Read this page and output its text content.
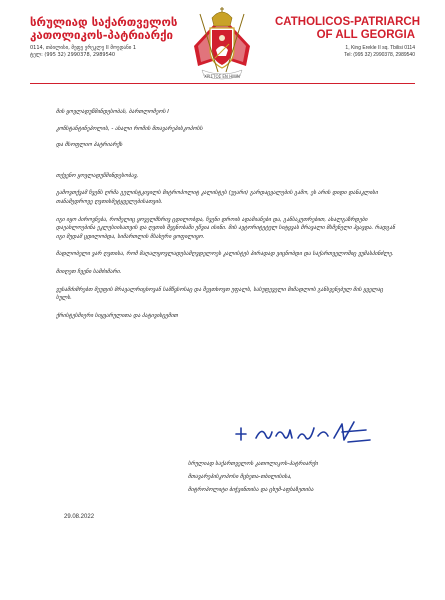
სრულიად საქართველოს
კათოლიკოს-პატრიარქი
0114, თბილისი, მეფე ერეკლე II მოედანი 1
ტელ: (995 32) 2990378, 2989540
ΧΡΙΣΤΟΣ ΕΝ ΗΜΙΝ
CATHOLICOS-PATRIARCH
OF ALL GEORGIA
1, King Erekle II sq. Tbilisi 0114
Tel: (995 32) 2990378, 2989540
მის ყოვლადუწმინდესობას, ბართლომეოს I
კონსტანტინეპოლის, - ახალი რომის მთავარეპისკოპოსს
და მსოფლიო პატრიარქს
თქვენო ყოვლადუწმინდესობავ,
გამოვთქვამ ჩვენს ღრმა გულისტკივილს მიტროპოლიტ კალისტეს (უეარი) გარდაცვალების გამო, ეს არის დიდი დანაკლისი თანამედროვე ღვთისმეტყველებისათვის.
იგი იყო პიროვნება, რომელიც ყოველმხრივ ცდილობდა, ჩვენი დროის ადამიანები და, განსაკუთრებით, ახალგაზრდები დაეახლოებინა ეკლესიისათვის და ღვთის შეცნობაში ეწვია ისინი. მის ავტორიტეტულ სიტყვას მრავალი მსმენელი ჰყავდა. რადგან იგი მუდამ ცდილობდა, სიმართლის მსახური ყოფილიყო.
მადლობელი ვარ ღვთისა, რომ მაღალყოვლადუსამღვდელოეს კალისტეს პირადად ვიცნობდი და საქართველოშიც ვუმასპინძლე.
მიიღეთ ჩვენი სამძიმარი.
ვუსამძიმრებთ მეუფის მრავალრიცხოვან სამწყსოსაც და შევთხოვთ უფალს, სასუფეველი მიმადლოს განსვენებულ მის ყველაც სულს.
ქრისტესმიერი სიყვარულითა და პატივისცემით
სრულიად საქართველოს კათოლიკოს-პატრიარქი
მთავარეპისკოპოსი მცხეთა-თბილისისა,
მიტროპოლიტი ბიჭვინთისა და ცხუმ-აფხაზეთისა
29.08.2022
